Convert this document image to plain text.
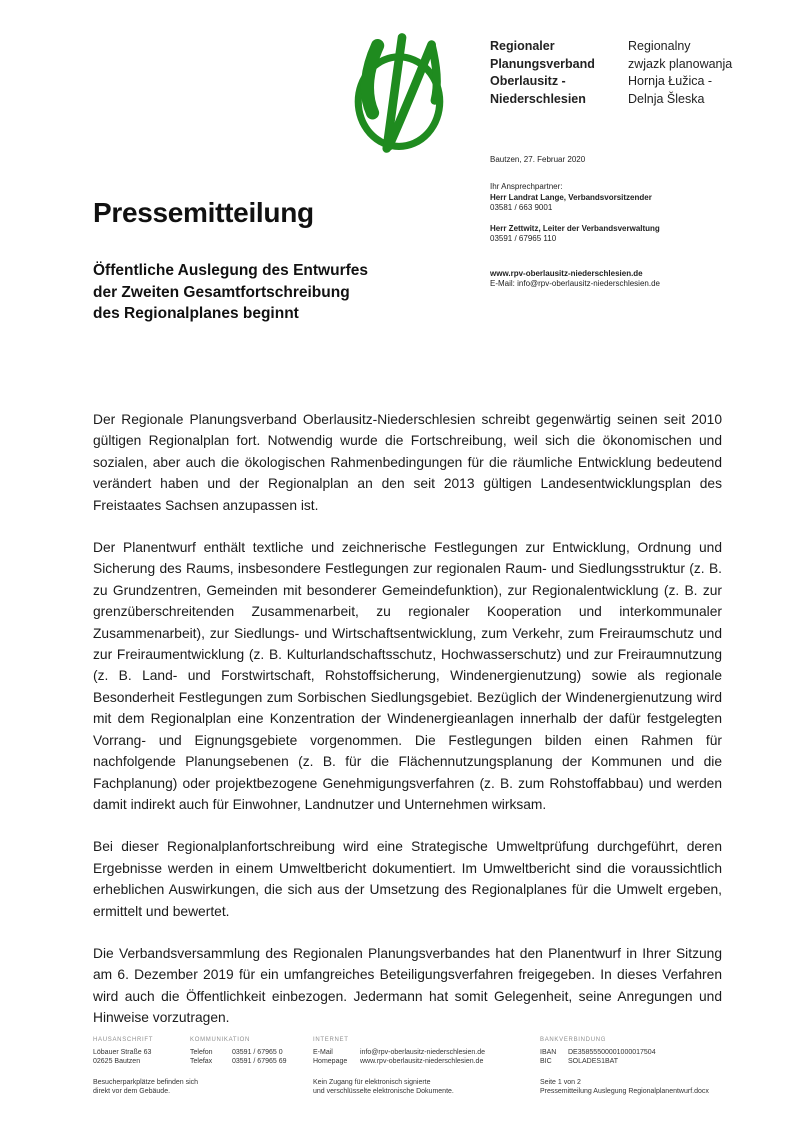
Regionaler
Planungsverband
Oberlausitz -
Niederschlesien
Regionalny
zwjazk planowanja
Hornja Łužica -
Delnja Šleska
Bautzen, 27. Februar 2020
Ihr Ansprechpartner:
Herr Landrat Lange, Verbandsvorsitzender
03581 / 663 9001
Herr Zettwitz, Leiter der Verbandsverwaltung
03591 / 67965 110
www.rpv-oberlausitz-niederschlesien.de
E-Mail: info@rpv-oberlausitz-niederschlesien.de
Pressemitteilung
Öffentliche Auslegung des Entwurfes
der Zweiten Gesamtfortschreibung
des Regionalplanes beginnt

Der Regionale Planungsverband Oberlausitz-Niederschlesien schreibt gegenwärtig seinen seit 2010 gültigen Regionalplan fort. Notwendig wurde die Fortschreibung, weil sich die ökonomischen und sozialen, aber auch die ökologischen Rahmenbedingungen für die räumliche Entwicklung bedeutend verändert haben und der Regionalplan an den seit 2013 gültigen Landesentwicklungsplan des Freistaates Sachsen anzupassen ist.

Der Planentwurf enthält textliche und zeichnerische Festlegungen zur Entwicklung, Ordnung und Sicherung des Raums, insbesondere Festlegungen zur regionalen Raum- und Siedlungsstruktur (z. B. zu Grundzentren, Gemeinden mit besonderer Gemeindefunktion), zur Regionalentwicklung (z. B. zur grenzüberschreitenden Zusammenarbeit, zu regionaler Kooperation und interkommunaler Zusammenarbeit), zur Siedlungs- und Wirtschaftsentwicklung, zum Verkehr, zum Freiraumschutz und zur Freiraumentwicklung (z. B. Kulturlandschaftsschutz, Hochwasserschutz) und zur Freiraumnutzung (z. B. Land- und Forstwirtschaft, Rohstoffsicherung, Windenergienutzung) sowie als regionale Besonderheit Festlegungen zum Sorbischen Siedlungsgebiet. Bezüglich der Windenergienutzung wird mit dem Regionalplan eine Konzentration der Windenergieanlagen innerhalb der dafür festgelegten Vorrang- und Eignungsgebiete vorgenommen. Die Festlegungen bilden einen Rahmen für nachfolgende Planungsebenen (z. B. für die Flächennutzungsplanung der Kommunen und die Fachplanung) oder projektbezogene Genehmigungsverfahren (z. B. zum Rohstoffabbau) und werden damit indirekt auch für Einwohner, Landnutzer und Unternehmen wirksam.

Bei dieser Regionalplanfortschreibung wird eine Strategische Umweltprüfung durchgeführt, deren Ergebnisse werden in einem Umweltbericht dokumentiert. Im Umweltbericht sind die voraussichtlich erheblichen Auswirkungen, die sich aus der Umsetzung des Regionalplanes für die Umwelt ergeben, ermittelt und bewertet.

Die Verbandsversammlung des Regionalen Planungsverbandes hat den Planentwurf in Ihrer Sitzung am 6. Dezember 2019 für ein umfangreiches Beteiligungsverfahren freigegeben. In dieses Verfahren wird auch die Öffentlichkeit einbezogen. Jedermann hat somit Gelegenheit, seine Anregungen und Hinweise vorzutragen.

HAUSANSCHRIFT
Löbauer Straße 63
02625 Bautzen
Besucherparkplätze befinden sich
direkt vor dem Gebäude.
KOMMUNIKATION
Telefon	03591 / 67965 0
Telefax	03591 / 67965 69
INTERNET
E-Mail	info@rpv-oberlausitz-niederschlesien.de
Homepage	www.rpv-oberlausitz-niederschlesien.de
Kein Zugang für elektronisch signierte
und verschlüsselte elektronische Dokumente.
BANKVERBINDUNG
IBAN	DE35855500001000017504
BIC	SOLADES1BAT
Seite 1 von 2
Pressemitteilung Auslegung Regionalplanentwurf.docx
